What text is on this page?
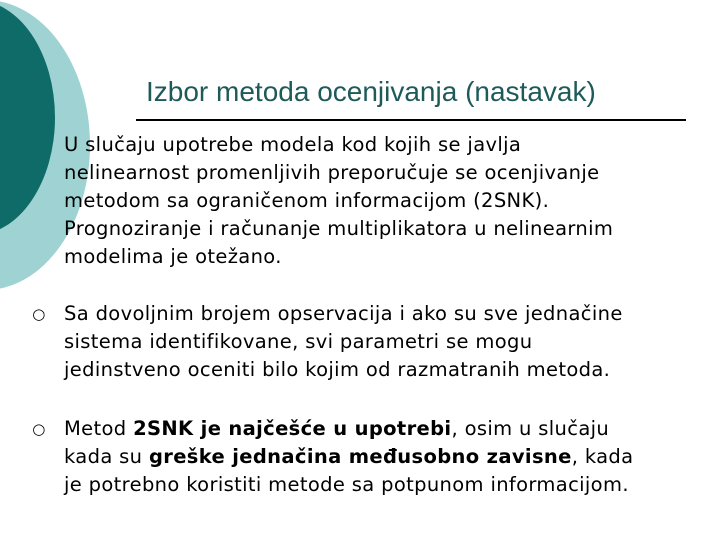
Izbor metoda ocenjivanja (nastavak)
U slučaju upotrebe modela kod kojih se javlja
nelinearnost promenljivih preporučuje se ocenjivanje
metodom sa ograničenom informacijom (2SNK).
Prognoziranje i računanje multiplikatora u nelinearnim
modelima je otežano.
○ Sa dovoljnim brojem opservacija i ako su sve jednačine
sistema identifikovane, svi parametri se mogu
jedinstveno oceniti bilo kojim od razmatranih metoda.
○ Metod 2SNK je najčešće u upotrebi, osim u slučaju
kada su greške jednačina međusobno zavisne, kada
je potrebno koristiti metode sa potpunom informacijom.
